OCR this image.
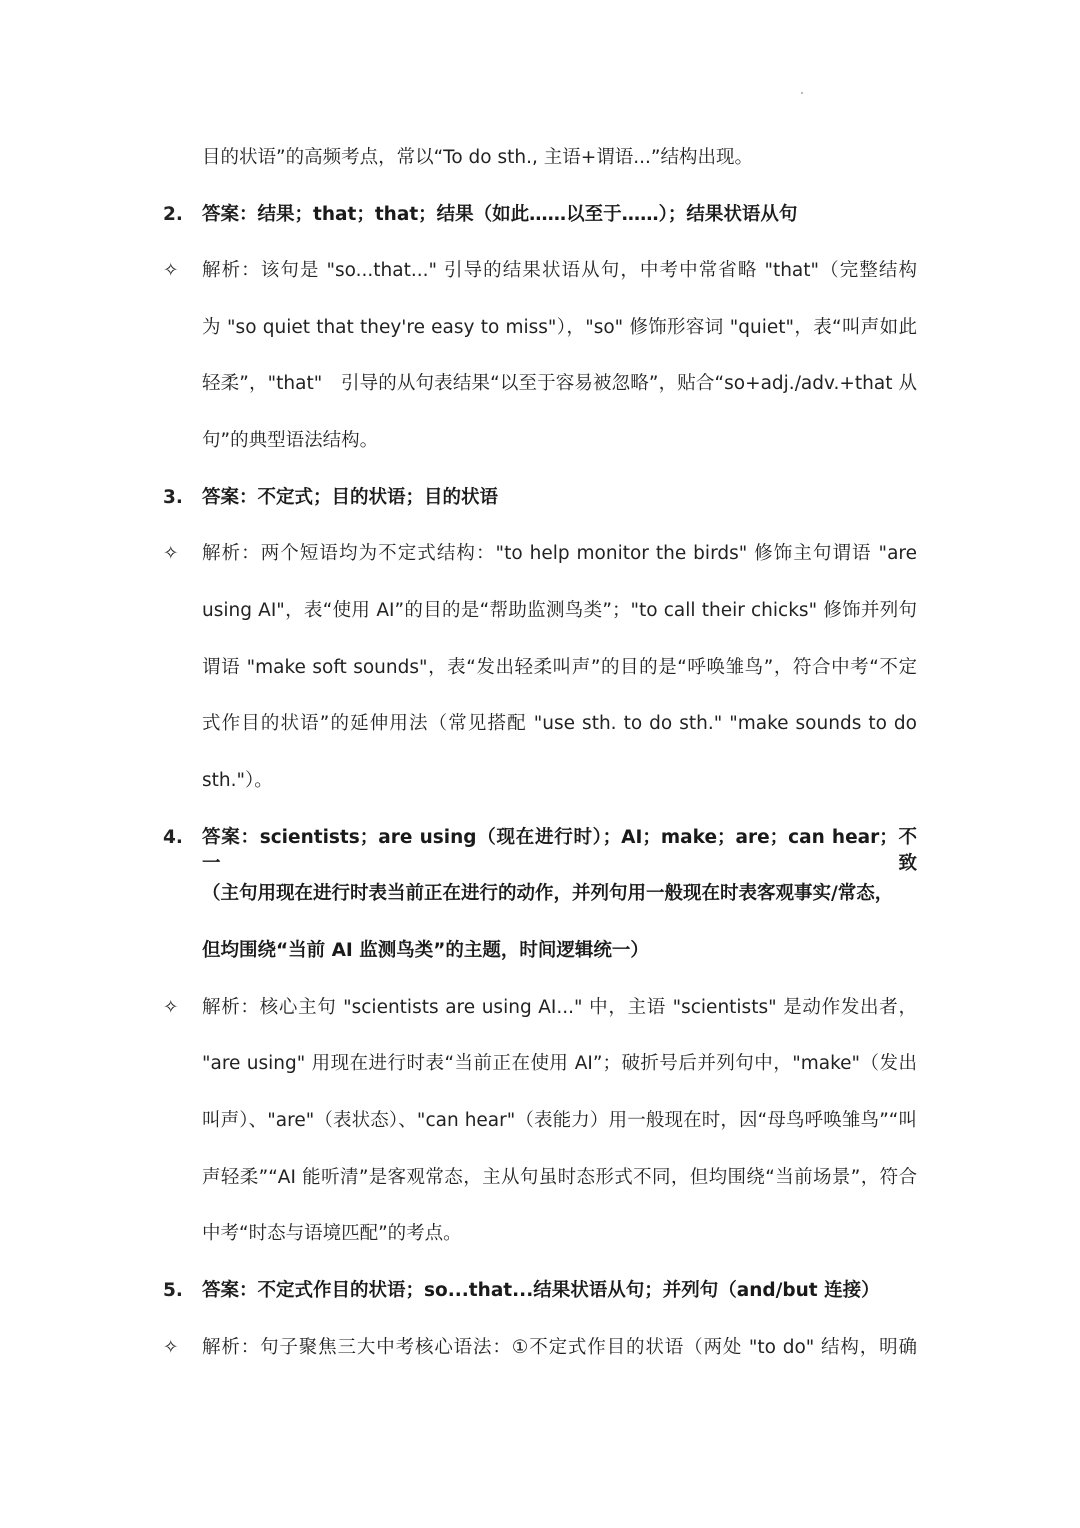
目的状语”的高频考点，常以“To do sth., 主语+谓语...”结构出现。
2. 答案：结果；that；that；结果（如此……以至于……）；结果状语从句
✧ 解析：该句是 "so...that..." 引导的结果状语从句，中考中常省略 "that"（完整结构
为 "so quiet that they're easy to miss"），"so" 修饰形容词 "quiet"，表“叫声如此
轻柔”，"that"　引导的从句表结果“以至于容易被忽略”，贴合“so+adj./adv.+that 从
句”的典型语法结构。
3. 答案：不定式；目的状语；目的状语
✧ 解析：两个短语均为不定式结构："to help monitor the birds" 修饰主句谓语 "are
using AI"，表“使用 AI”的目的是“帮助监测鸟类”；"to call their chicks" 修饰并列句
谓语 "make soft sounds"，表“发出轻柔叫声”的目的是“呼唤雏鸟”，符合中考“不定
式作目的状语”的延伸用法（常见搭配 "use sth. to do sth." "make sounds to do
sth."）。
4. 答案：scientists；are using（现在进行时）；AI；make；are；can hear；不一致
（主句用现在进行时表当前正在进行的动作，并列句用一般现在时表客观事实/常态，
但均围绕“当前 AI 监测鸟类”的主题，时间逻辑统一）
✧ 解析：核心主句 "scientists are using AI..." 中，主语 "scientists" 是动作发出者，
"are using" 用现在进行时表“当前正在使用 AI”；破折号后并列句中，"make"（发出
叫声）、"are"（表状态）、"can hear"（表能力）用一般现在时，因“母鸟呼唤雏鸟”“叫
声轻柔”“AI 能听清”是客观常态，主从句虽时态形式不同，但均围绕“当前场景”，符合
中考“时态与语境匹配”的考点。
5. 答案：不定式作目的状语；so...that...结果状语从句；并列句（and/but 连接）
✧ 解析：句子聚焦三大中考核心语法：①不定式作目的状语（两处 "to do" 结构，明确
